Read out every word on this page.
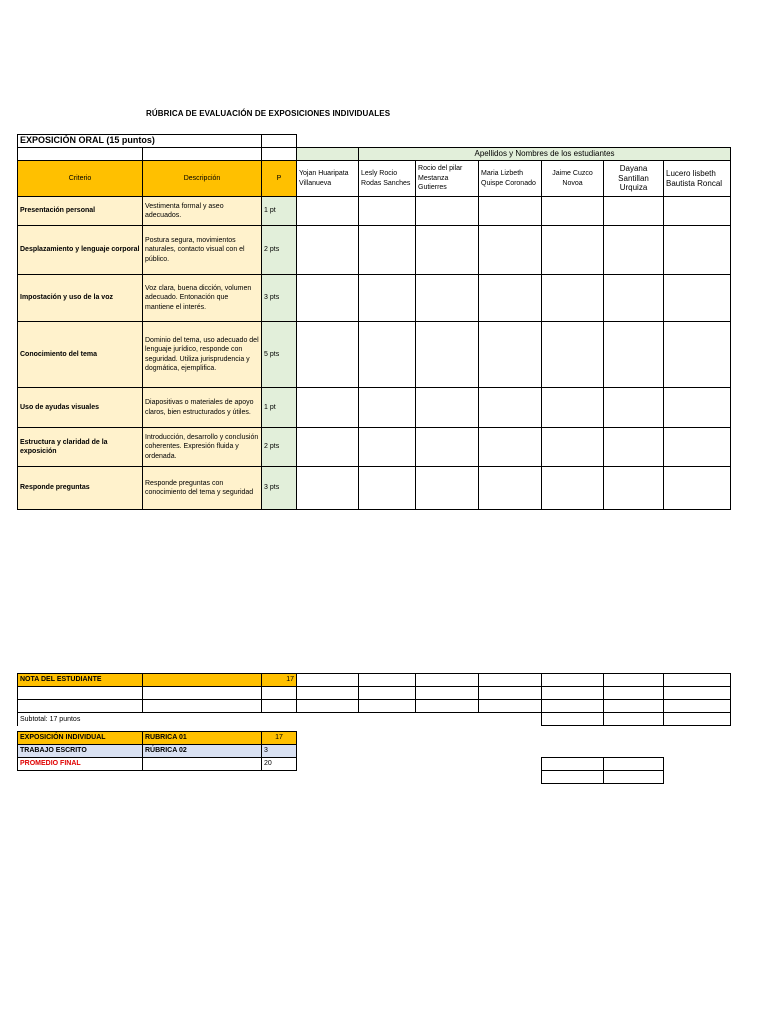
RÚBRICA DE EVALUACIÓN DE EXPOSICIONES INDIVIDUALES
EXPOSICIÓN ORAL (15 puntos)									
				Apellidos y Nombres de los estudiantes					
Criterio	Descripción	P	Yojan Huaripata Villanueva	Lesly Rocio Rodas Sanches	Rocio del pilar Mestanza Gutierres	Maria Lizbeth Quispe Coronado	Jaime Cuzco Novoa	Dayana Santillan Urquiza	Lucero lisbeth Bautista Roncal
Presentación personal	Vestimenta formal y aseo adecuados.	1 pt							
Desplazamiento y lenguaje corporal	Postura segura, movimientos naturales, contacto visual con el público.	2 pts							
Impostación y uso de la voz	Voz clara, buena dicción, volumen adecuado. Entonación que mantiene el interés.	3 pts							
Conocimiento del tema	Dominio del tema, uso adecuado del lenguaje jurídico, responde con seguridad. Utiliza jurisprudencia y dogmática, ejemplifica.	5 pts							
Uso de ayudas visuales	Diapositivas o materiales de apoyo claros, bien estructurados y útiles.	1 pt							
Estructura y claridad de la exposición	Introducción, desarrollo y conclusión coherentes. Expresión fluida y ordenada.	2 pts							
Responde preguntas	Responde preguntas con conocimiento del tema y seguridad	3 pts							
NOTA DEL ESTUDIANTE		17							

Subtotal: 17 puntos									

EXPOSICIÓN INDIVIDUAL	RUBRICA 01	17							
TRABAJO ESCRITO	RÚBRICA 02	3							
PROMEDIO FINAL		20							
